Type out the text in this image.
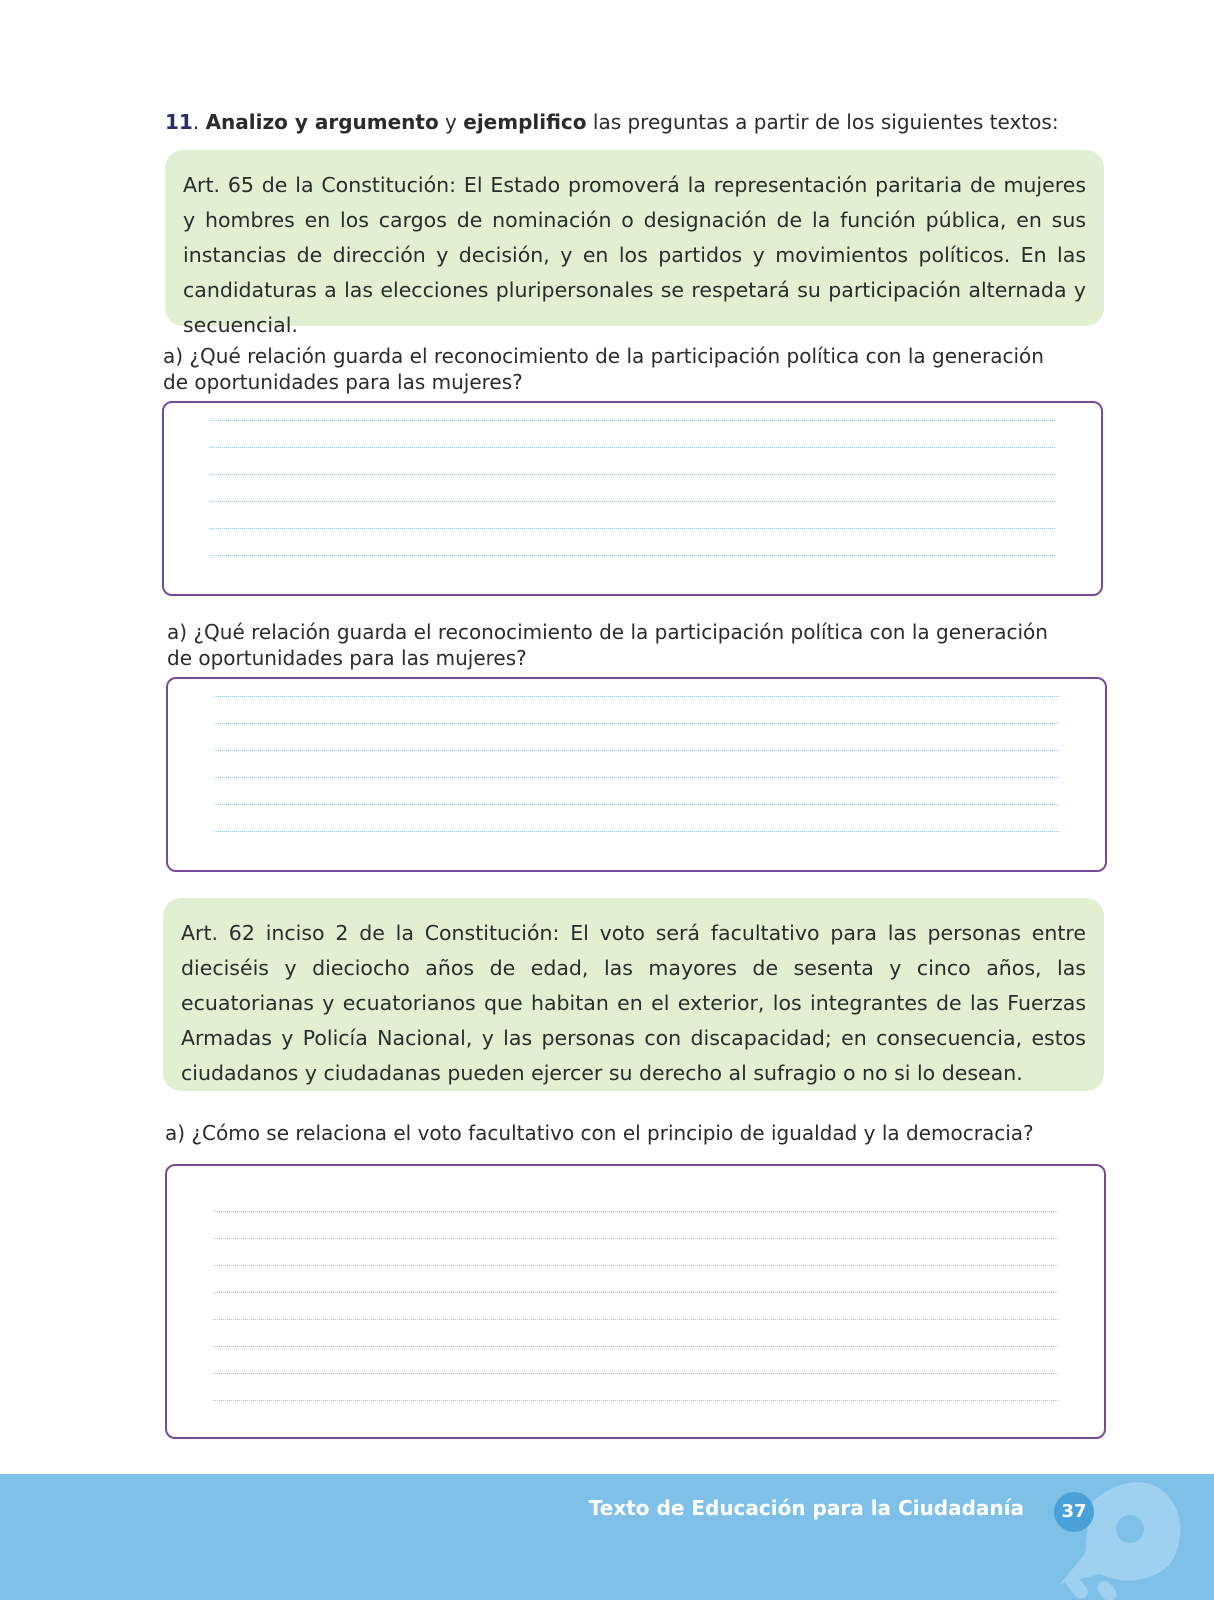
11. Analizo y argumento y ejemplifico las preguntas a partir de los siguientes textos:
Art. 65 de la Constitución: El Estado promoverá la representación paritaria de mujeres y hombres en los cargos de nominación o designación de la función pública, en sus instancias de dirección y decisión, y en los partidos y movimientos políticos. En las candidaturas a las elecciones pluripersonales se respetará su participación alternada y secuencial.
a) ¿Qué relación guarda el reconocimiento de la participación política con la generación de oportunidades para las mujeres?
a) ¿Qué relación guarda el reconocimiento de la participación política con la generación de oportunidades para las mujeres?
Art. 62 inciso 2 de la Constitución: El voto será facultativo para las personas entre dieciséis y dieciocho años de edad, las mayores de sesenta y cinco años, las ecuatorianas y ecuatorianos que habitan en el exterior, los integrantes de las Fuerzas Armadas y Policía Nacional, y las personas con discapacidad; en consecuencia, estos ciudadanos y ciudadanas pueden ejercer su derecho al sufragio o no si lo desean.
a) ¿Cómo se relaciona el voto facultativo con el principio de igualdad y la democracia?
Texto de Educación para la Ciudadanía	37
